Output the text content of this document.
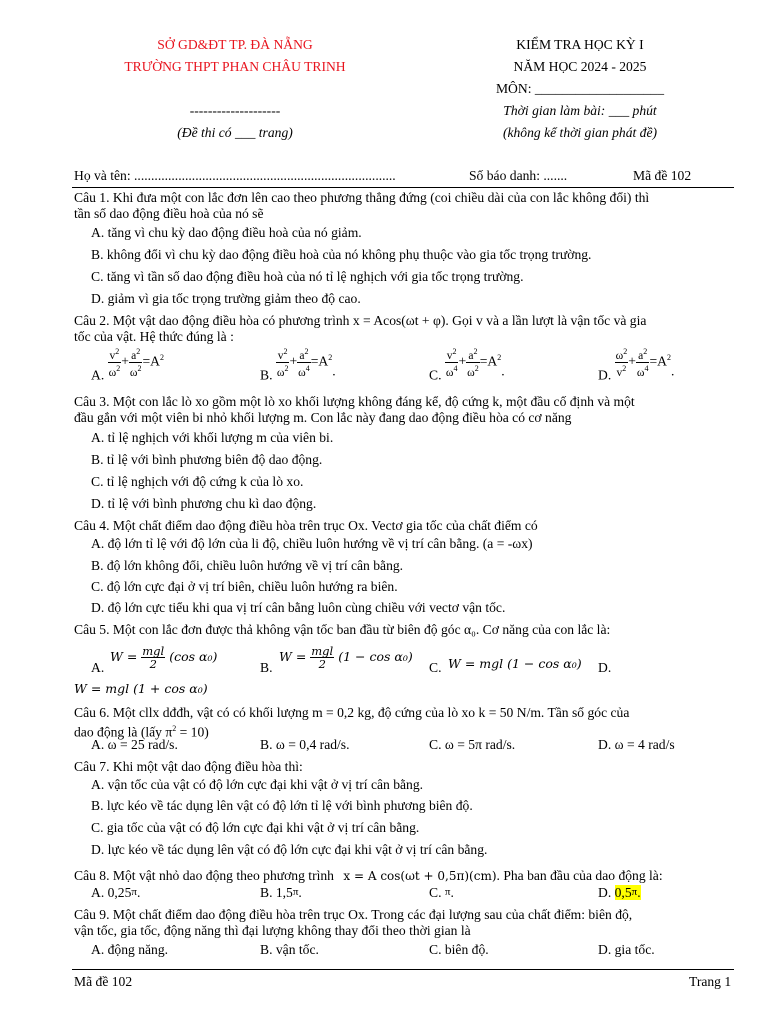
SỞ GD&ĐT TP. ĐÀ NẴNG
TRƯỜNG THPT PHAN CHÂU TRINH
--------------------
(Đề thi có ___ trang)
KIỂM TRA HỌC KỲ I
NĂM HỌC 2024 - 2025
MÔN: ___________________
Thời gian làm bài: ___ phút
(không kể thời gian phát đề)
Họ và tên: .............................................................................	Số báo danh: .......	Mã đề 102
Câu 1. Khi đưa một con lắc đơn lên cao theo phương thẳng đứng (coi chiều dài của con lắc không đổi) thì
tần số dao động điều hoà của nó sẽ
A. tăng vì chu kỳ dao động điều hoà của nó giảm.
B. không đổi vì chu kỳ dao động điều hoà của nó không phụ thuộc vào gia tốc trọng trường.
C. tăng vì tần số dao động điều hoà của nó tỉ lệ nghịch với gia tốc trọng trường.
D. giảm vì gia tốc trọng trường giảm theo độ cao.
Câu 2. Một vật dao động điều hòa có phương trình x = Acos(ωt + φ). Gọi v và a lần lượt là vận tốc và gia
tốc của vật. Hệ thức đúng là :
A. $\frac{v^2}{\omega^2} + \frac{a^2}{\omega^2} =A^2$
B. $\frac{v^2}{\omega^2} + \frac{a^2}{\omega^4} =A^2$.	C. $\frac{v^2}{\omega^4} + \frac{a^2}{\omega^2} =A^2$.	D. $\frac{\omega^2}{v^2} + \frac{a^2}{\omega^4} =A^2$.
Câu 3. Một con lắc lò xo gồm một lò xo khối lượng không đáng kể, độ cứng k, một đầu cố định và một
đầu gắn với một viên bi nhỏ khối lượng m. Con lắc này đang dao động điều hòa có cơ năng
A. tỉ lệ nghịch với khối lượng m của viên bi.
B. tỉ lệ với bình phương biên độ dao động.
C. tỉ lệ nghịch với độ cứng k của lò xo.
D. tỉ lệ với bình phương chu kì dao động.
Câu 4. Một chất điểm dao động điều hòa trên trục Ox. Vectơ gia tốc của chất điểm có
A. độ lớn tỉ lệ với độ lớn của li độ, chiều luôn hướng về vị trí cân bằng. (a = -ωx)
B. độ lớn không đổi, chiều luôn hướng về vị trí cân bằng.
C. độ lớn cực đại ở vị trí biên, chiều luôn hướng ra biên.
D. độ lớn cực tiểu khi qua vị trí cân bằng luôn cùng chiều với vectơ vận tốc.
Câu 5. Một con lắc đơn được thả không vận tốc ban đầu từ biên độ góc α₀. Cơ năng của con lắc là:
A.
$W = \frac{\text{mgl}}{2} (\cos$ α₀)
B.
$W = \frac{\text{mgl}}{2} (1 - \cos \alpha_0)$
C. W = mgl (1 − cos α₀) D.
W = mgl (1 + cos α₀)
Câu 6. Một cllx dđđh, vật có có khối lượng m = 0,2 kg, độ cứng của lò xo k = 50 N/m. Tần số góc của
dao động là (lấy $\pi^2 = 10$)
A. ω = 25 rad/s.	B. ω = 0,4 rad/s.	C. ω = 5π rad/s.	D. ω = 4 rad/s
Câu 7. Khi một vật dao động điều hòa thì:
A. vận tốc của vật có độ lớn cực đại khi vật ở vị trí cân bằng.
B. lực kéo về tác dụng lên vật có độ lớn tỉ lệ với bình phương biên độ.
C. gia tốc của vật có độ lớn cực đại khi vật ở vị trí cân bằng.
D. lực kéo về tác dụng lên vật có độ lớn cực đại khi vật ở vị trí cân bằng.
Câu 8. Một vật nhỏ dao động theo phương trình x = A cos(ωt + 0,5π)(cm). Pha ban đầu của dao động là:
A. 0,25π.	B. 1,5π.	C. π.	D. 0,5π.
Câu 9. Một chất điểm dao động điều hòa trên trục Ox. Trong các đại lượng sau của chất điểm: biên độ,
vận tốc, gia tốc, động năng thì đại lượng không thay đổi theo thời gian là
A. động năng.	B. vận tốc.	C. biên độ.	D. gia tốc.
Mã đề 102	Trang 1
